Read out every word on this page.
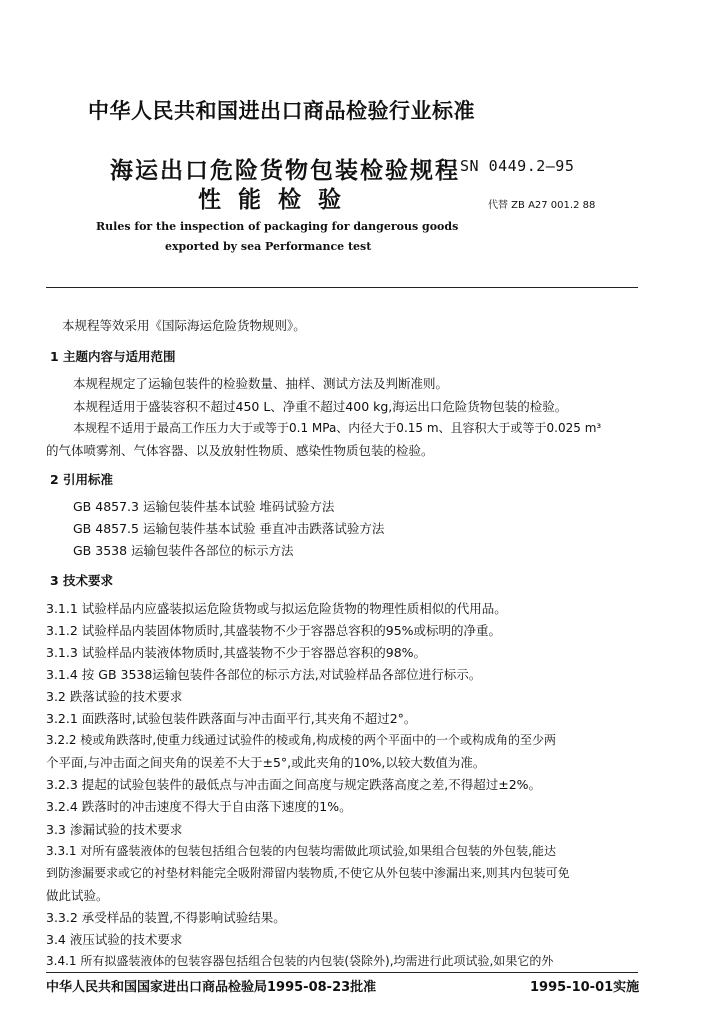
中华人民共和国进出口商品检验行业标准
海运出口危险货物包装检验规程
性能检验
SN 0449.2—95
代替 ZB A27 001.2 88
Rules for the inspection of packaging for dangerous goods
exported by sea Performance test
本规程等效采用《国际海运危险货物规则》。
1 主题内容与适用范围
本规程规定了运输包装件的检验数量、抽样、测试方法及判断准则。
本规程适用于盛装容积不超过450 L、净重不超过400 kg,海运出口危险货物包装的检验。
本规程不适用于最高工作压力大于或等于0.1 MPa、内径大于0.15 m、且容积大于或等于0.025 m³
的气体喷雾剂、气体容器、以及放射性物质、感染性物质包装的检验。
2 引用标准
GB 4857.3 运输包装件基本试验 堆码试验方法
GB 4857.5 运输包装件基本试验 垂直冲击跌落试验方法
GB 3538 运输包装件各部位的标示方法
3 技术要求
3.1.1 试验样品内应盛装拟运危险货物或与拟运危险货物的物理性质相似的代用品。
3.1.2 试验样品内装固体物质时,其盛装物不少于容器总容积的95%或标明的净重。
3.1.3 试验样品内装液体物质时,其盛装物不少于容器总容积的98%。
3.1.4 按 GB 3538运输包装件各部位的标示方法,对试验样品各部位进行标示。
3.2 跌落试验的技术要求
3.2.1 面跌落时,试验包装件跌落面与冲击面平行,其夹角不超过2°。
3.2.2 棱或角跌落时,使重力线通过试验件的棱或角,构成棱的两个平面中的一个或构成角的至少两
个平面,与冲击面之间夹角的误差不大于±5°,或此夹角的10%,以较大数值为准。
3.2.3 提起的试验包装件的最低点与冲击面之间高度与规定跌落高度之差,不得超过±2%。
3.2.4 跌落时的冲击速度不得大于自由落下速度的1%。
3.3 渗漏试验的技术要求
3.3.1 对所有盛装液体的包装包括组合包装的内包装均需做此项试验,如果组合包装的外包装,能达
到防渗漏要求或它的衬垫材料能完全吸附滞留内装物质,不使它从外包装中渗漏出来,则其内包装可免
做此试验。
3.3.2 承受样品的装置,不得影响试验结果。
3.4 液压试验的技术要求
3.4.1 所有拟盛装液体的包装容器包括组合包装的内包装(袋除外),均需进行此项试验,如果它的外
中华人民共和国国家进出口商品检验局1995-08-23批准	1995-10-01实施
